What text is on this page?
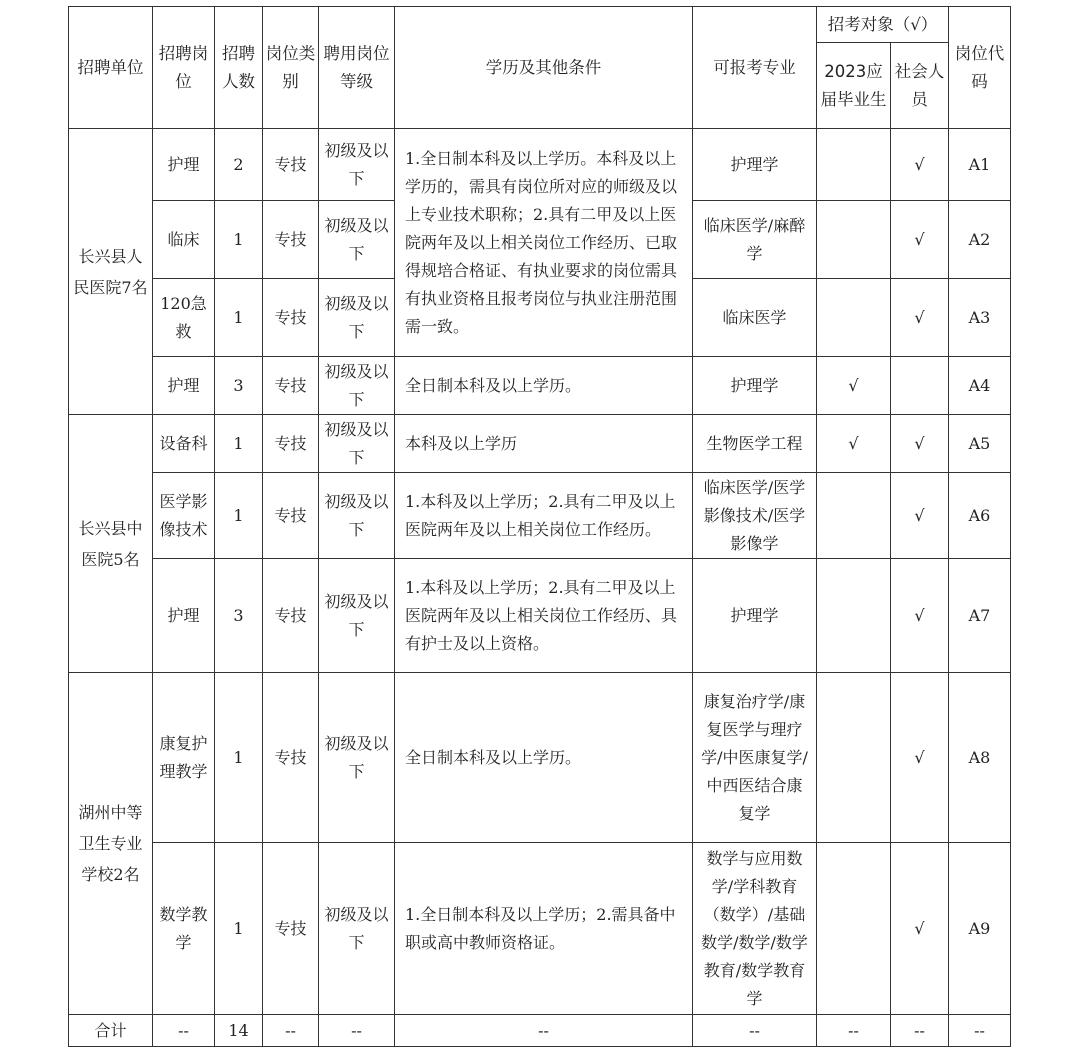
招聘单位	招聘岗位	招聘人数	岗位类别	聘用岗位等级	学历及其他条件	可报考专业	招考对象（√）		岗位代码
							2023应届毕业生	社会人员	
长兴县人民医院7名	护理	2	专技	初级及以下	1.全日制本科及以上学历。本科及以上学历的，需具有岗位所对应的师级及以上专业技术职称；2.具有二甲及以上医院两年及以上相关岗位工作经历、已取得规培合格证、有执业要求的岗位需具有执业资格且报考岗位与执业注册范围需一致。	护理学		√	A1
	临床	1	专技	初级及以下		临床医学/麻醉学		√	A2
	120急救	1	专技	初级及以下		临床医学		√	A3
	护理	3	专技	初级及以下	全日制本科及以上学历。	护理学	√		A4
长兴县中医院5名	设备科	1	专技	初级及以下	本科及以上学历	生物医学工程	√	√	A5
	医学影像技术	1	专技	初级及以下	1.本科及以上学历；2.具有二甲及以上医院两年及以上相关岗位工作经历。	临床医学/医学影像技术/医学影像学		√	A6
	护理	3	专技	初级及以下	1.本科及以上学历；2.具有二甲及以上医院两年及以上相关岗位工作经历、具有护士及以上资格。	护理学		√	A7
湖州中等卫生专业学校2名	康复护理教学	1	专技	初级及以下	全日制本科及以上学历。	康复治疗学/康复医学与理疗学/中医康复学/中西医结合康复学		√	A8
	数学教学	1	专技	初级及以下	1.全日制本科及以上学历；2.需具备中职或高中教师资格证。	数学与应用数学/学科教育（数学）/基础数学/数学/数学教育/数学教育学		√	A9
合计	--	14	--	--	--	--	--	--	--
